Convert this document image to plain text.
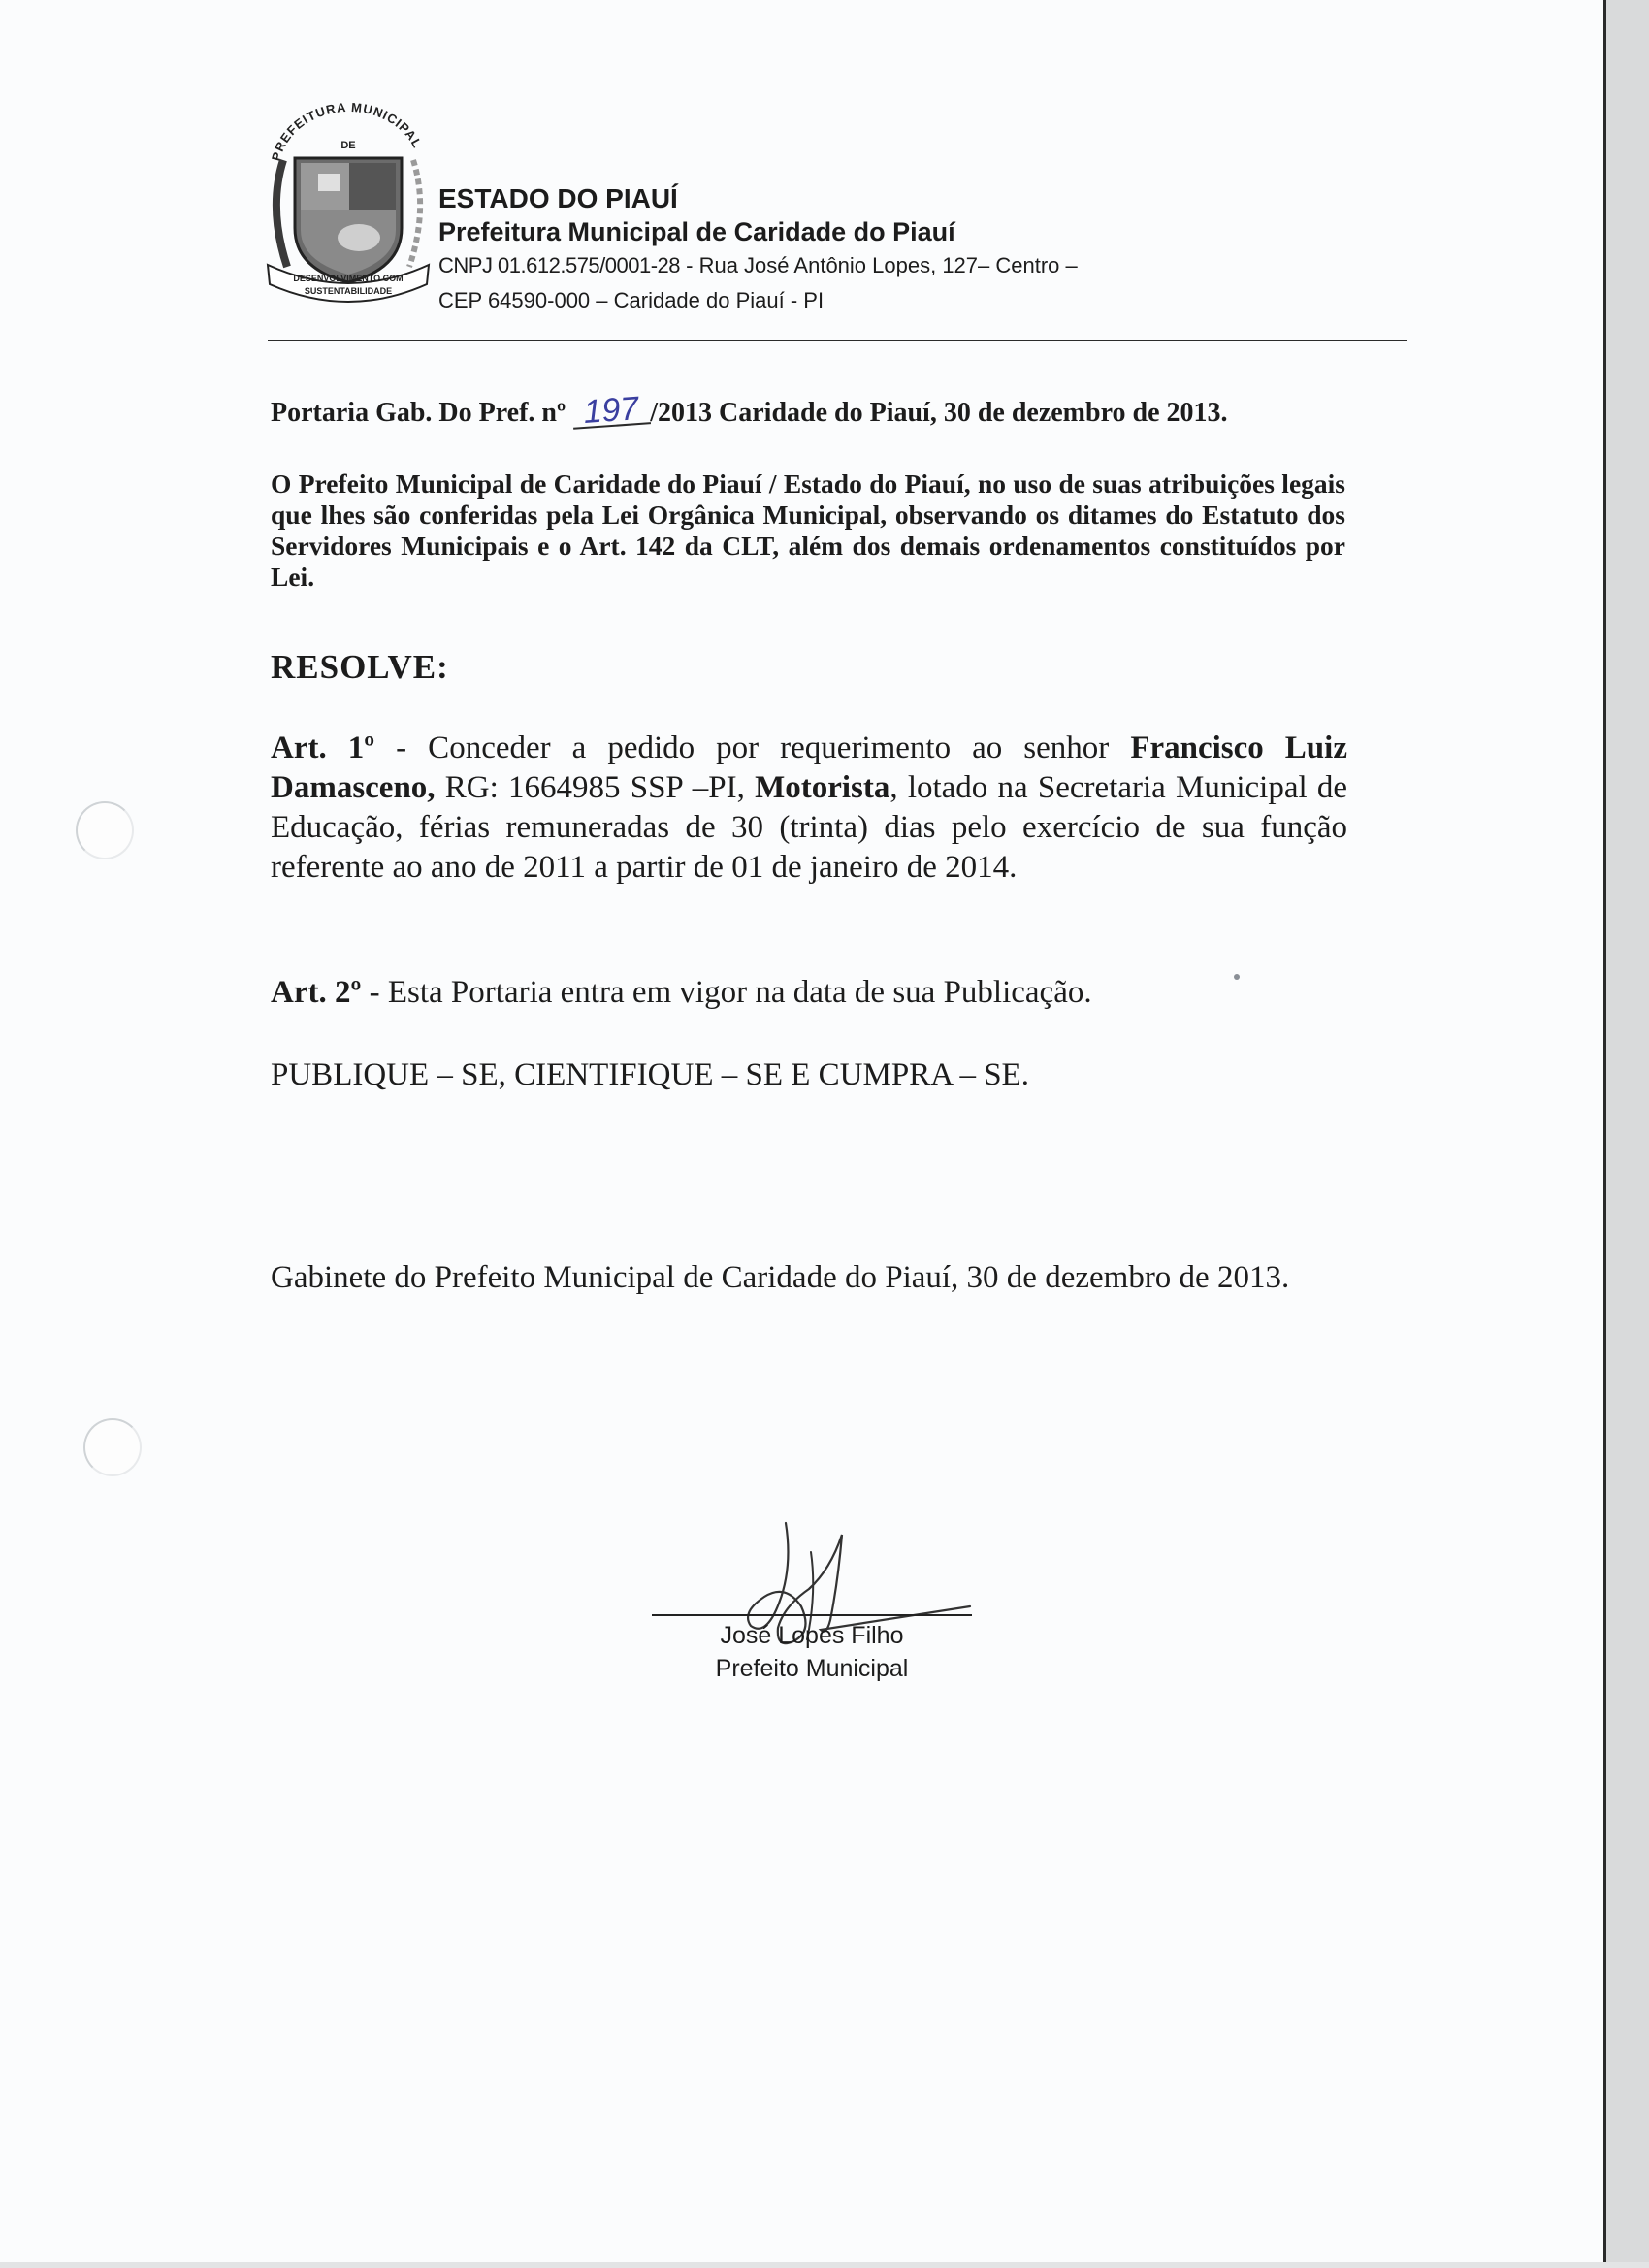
PREFEITURA MUNICIPAL
DE
DESENVOLVIMENTO COM
SUSTENTABILIDADE

ESTADO DO PIAUÍ

Prefeitura Municipal de Caridade do Piauí

CNPJ 01.612.575/0001-28 - Rua José Antônio Lopes, 127– Centro –

CEP 64590-000 – Caridade do Piauí - PI

Portaria Gab. Do Pref. nº 197 /2013 Caridade do Piauí, 30 de dezembro de 2013.
O Prefeito Municipal de Caridade do Piauí / Estado do Piauí, no uso de suas atribuições legais que lhes são conferidas pela Lei Orgânica Municipal, observando os ditames do Estatuto dos Servidores Municipais e o Art. 142 da CLT, além dos demais ordenamentos constituídos por Lei.
RESOLVE:
Art. 1º - Conceder a pedido por requerimento ao senhor Francisco Luiz Damasceno, RG: 1664985 SSP –PI, Motorista, lotado na Secretaria Municipal de Educação, férias remuneradas de 30 (trinta) dias pelo exercício de sua função referente ao ano de 2011 a partir de 01 de janeiro de 2014.
Art. 2º - Esta Portaria entra em vigor na data de sua Publicação.
PUBLIQUE – SE, CIENTIFIQUE – SE E CUMPRA – SE.
Gabinete do Prefeito Municipal de Caridade do Piauí, 30 de dezembro de 2013.
José Lopes Filho
Prefeito Municipal
